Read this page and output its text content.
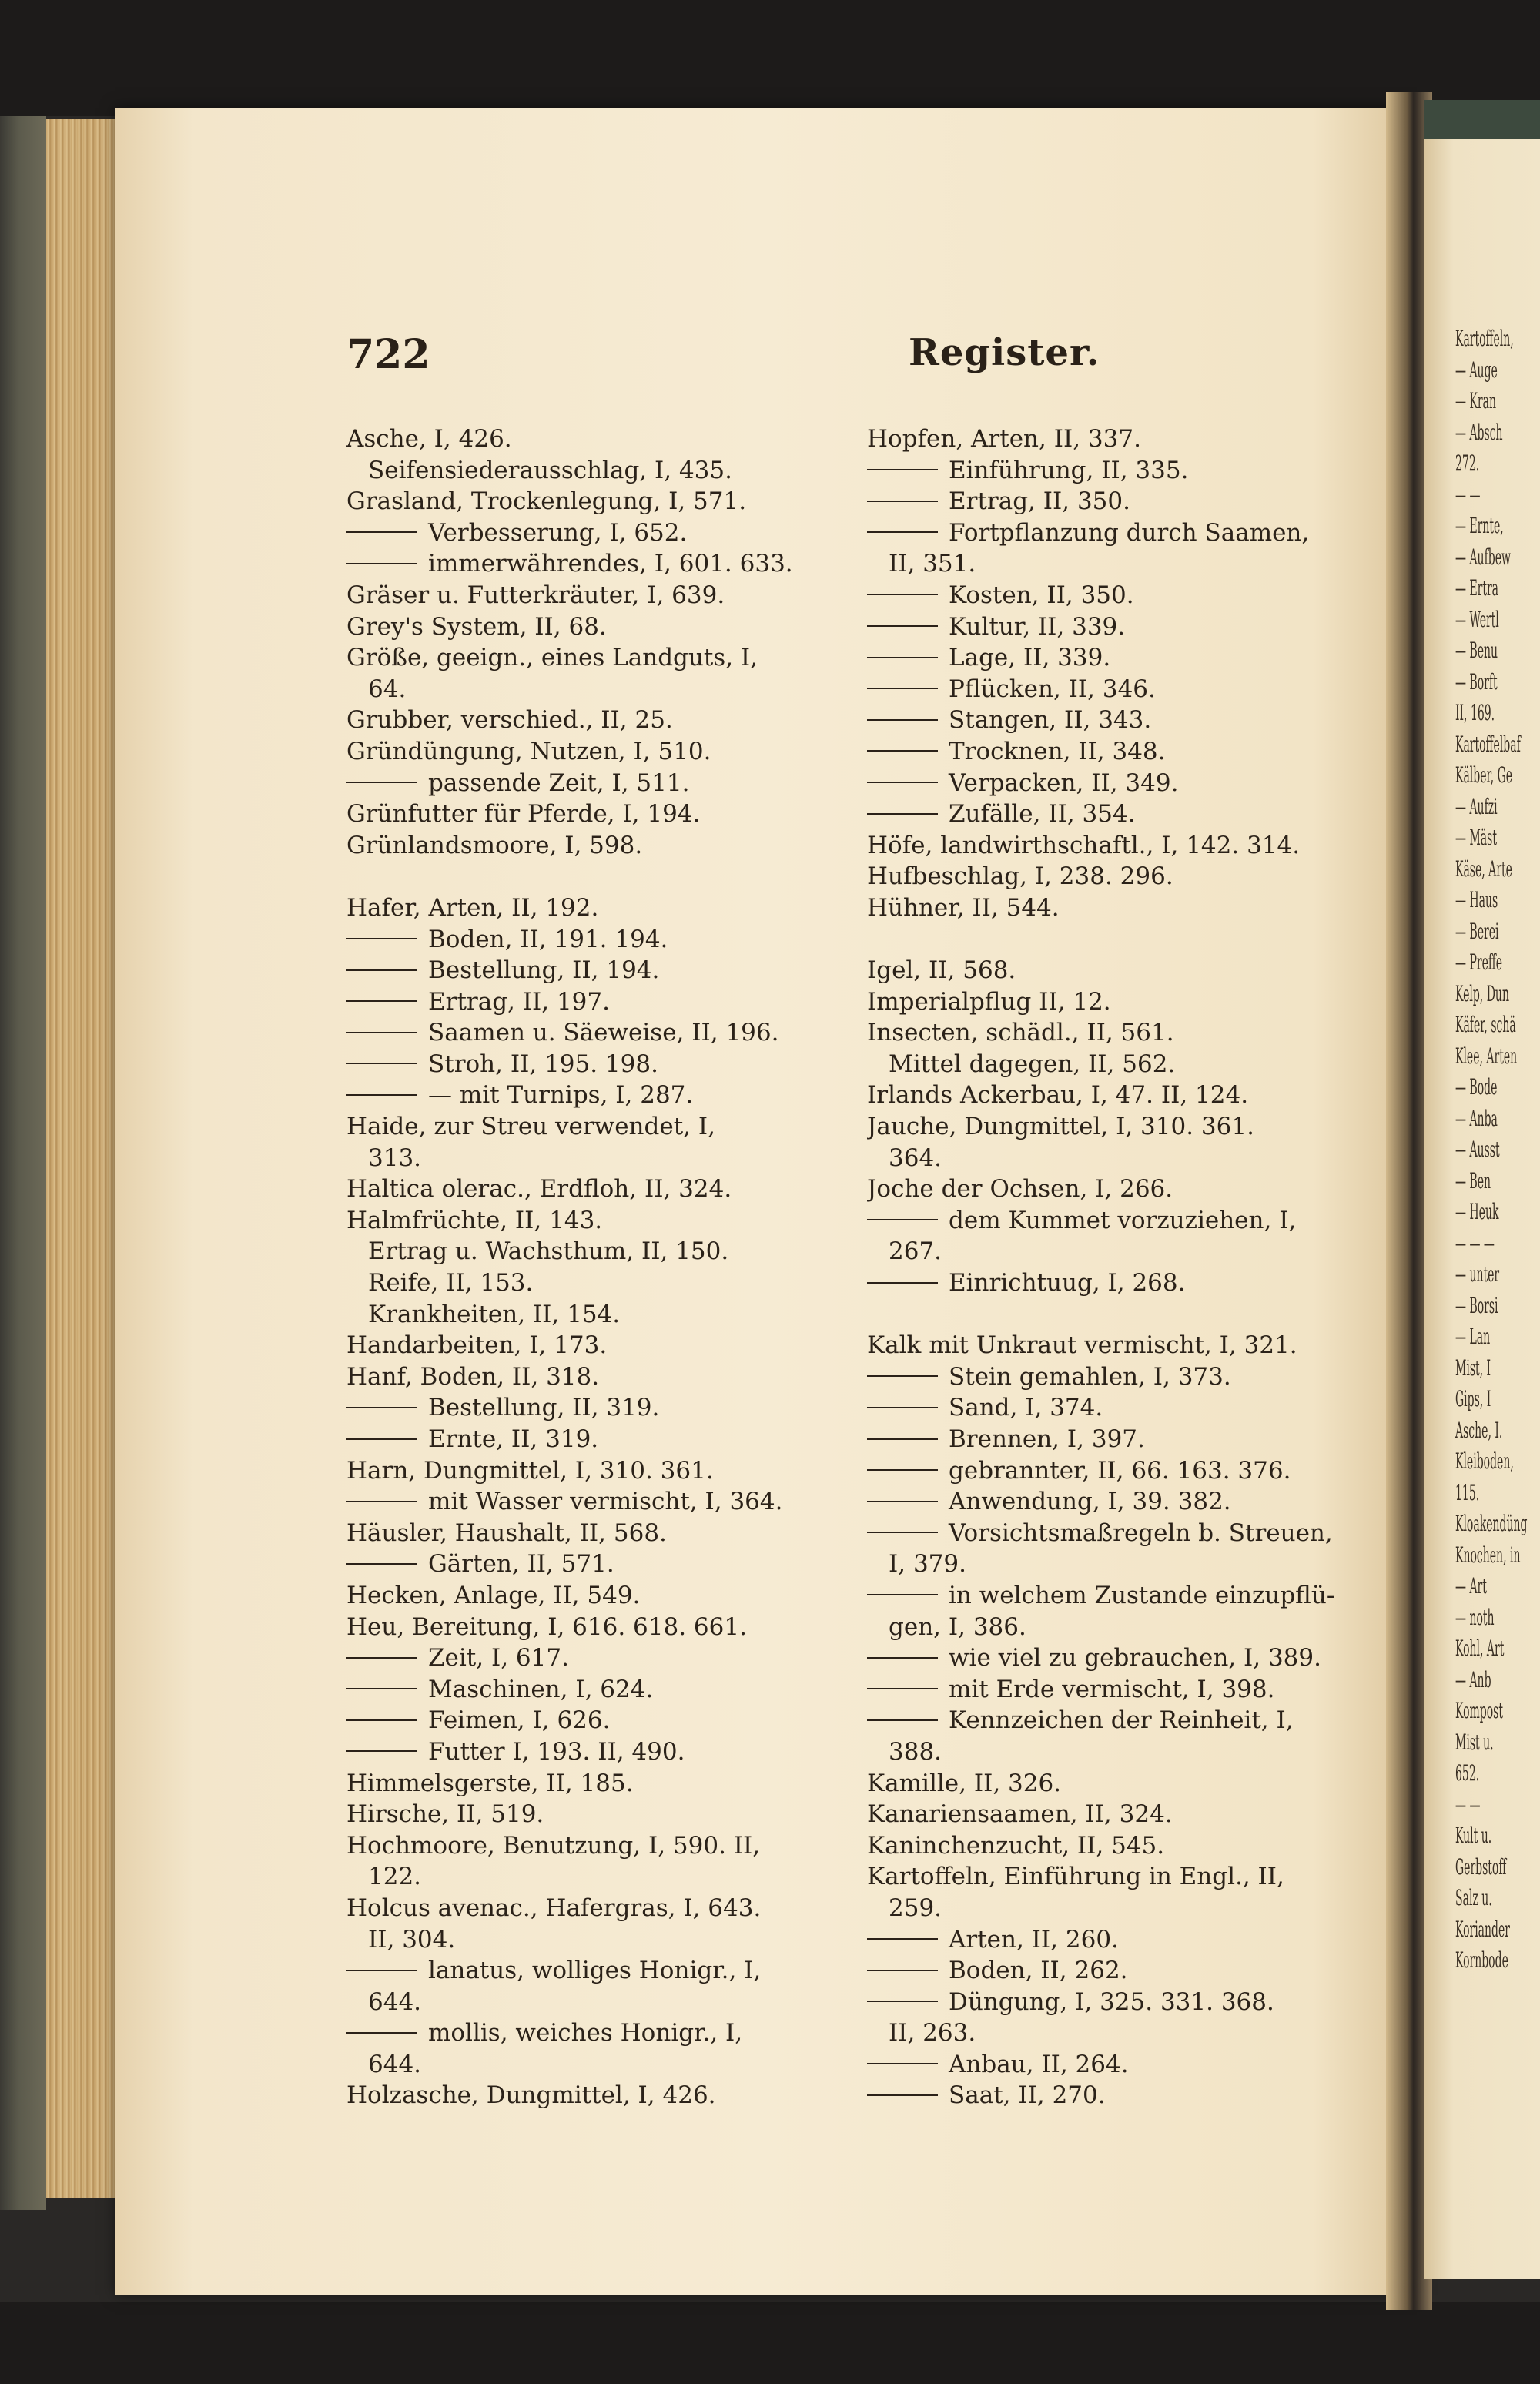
722	Register.
Asche, I, 426.
Seifensiederausschlag, I, 435.
Grasland, Trockenlegung, I, 571.
Verbesserung, I, 652.
immerwährendes, I, 601. 633.
Gräser u. Futterkräuter, I, 639.
Grey's System, II, 68.
Größe, geeign., eines Landguts, I,
64.
Grubber, verschied., II, 25.
Gründüngung, Nutzen, I, 510.
passende Zeit, I, 511.
Grünfutter für Pferde, I, 194.
Grünlandsmoore, I, 598.
Hafer, Arten, II, 192.
Boden, II, 191. 194.
Bestellung, II, 194.
Ertrag, II, 197.
Saamen u. Säeweise, II, 196.
Stroh, II, 195. 198.
— mit Turnips, I, 287.
Haide, zur Streu verwendet, I,
313.
Haltica olerac., Erdfloh, II, 324.
Halmfrüchte, II, 143.
Ertrag u. Wachsthum, II, 150.
Reife, II, 153.
Krankheiten, II, 154.
Handarbeiten, I, 173.
Hanf, Boden, II, 318.
Bestellung, II, 319.
Ernte, II, 319.
Harn, Dungmittel, I, 310. 361.
mit Wasser vermischt, I, 364.
Häusler, Haushalt, II, 568.
Gärten, II, 571.
Hecken, Anlage, II, 549.
Heu, Bereitung, I, 616. 618. 661.
Zeit, I, 617.
Maschinen, I, 624.
Feimen, I, 626.
Futter I, 193. II, 490.
Himmelsgerste, II, 185.
Hirsche, II, 519.
Hochmoore, Benutzung, I, 590. II,
122.
Holcus avenac., Hafergras, I, 643.
II, 304.
lanatus, wolliges Honigr., I,
644.
mollis, weiches Honigr., I,
644.
Holzasche, Dungmittel, I, 426.
Hopfen, Arten, II, 337.
Einführung, II, 335.
Ertrag, II, 350.
Fortpflanzung durch Saamen,
II, 351.
Kosten, II, 350.
Kultur, II, 339.
Lage, II, 339.
Pflücken, II, 346.
Stangen, II, 343.
Trocknen, II, 348.
Verpacken, II, 349.
Zufälle, II, 354.
Höfe, landwirthschaftl., I, 142. 314.
Hufbeschlag, I, 238. 296.
Hühner, II, 544.
Igel, II, 568.
Imperialpflug II, 12.
Insecten, schädl., II, 561.
Mittel dagegen, II, 562.
Irlands Ackerbau, I, 47. II, 124.
Jauche, Dungmittel, I, 310. 361.
364.
Joche der Ochsen, I, 266.
dem Kummet vorzuziehen, I,
267.
Einrichtuug, I, 268.
Kalk mit Unkraut vermischt, I, 321.
Stein gemahlen, I, 373.
Sand, I, 374.
Brennen, I, 397.
gebrannter, II, 66. 163. 376.
Anwendung, I, 39. 382.
Vorsichtsmaßregeln b. Streuen,
I, 379.
in welchem Zustande einzupflü-
gen, I, 386.
wie viel zu gebrauchen, I, 389.
mit Erde vermischt, I, 398.
Kennzeichen der Reinheit, I,
388.
Kamille, II, 326.
Kanariensaamen, II, 324.
Kaninchenzucht, II, 545.
Kartoffeln, Einführung in Engl., II,
259.
Arten, II, 260.
Boden, II, 262.
Düngung, I, 325. 331. 368.
II, 263.
Anbau, II, 264.
Saat, II, 270.
Kartoffeln,
— Auge
— Kran
— Absch
272.
— —
— Ernte,
— Aufbew
— Ertra
— Wertl
— Benu
— Borft
II, 169.
Kartoffelbaf
Kälber, Ge
— Aufzi
— Mäst
Käse, Arte
— Haus
— Berei
— Preffe
Kelp, Dun
Käfer, schä
Klee, Arten
— Bode
— Anba
— Ausst
— Ben
— Heuk
— — —
— unter
— Borsi
— Lan
Mist, I
Gips, I
Asche, I.
Kleiboden,
115.
Kloakendüng
Knochen, in
— Art
— noth
Kohl, Art
— Anb
Kompost
Mist u.
652.
— —
Kult u.
Gerbstoff
Salz u.
Koriander
Kornbode
